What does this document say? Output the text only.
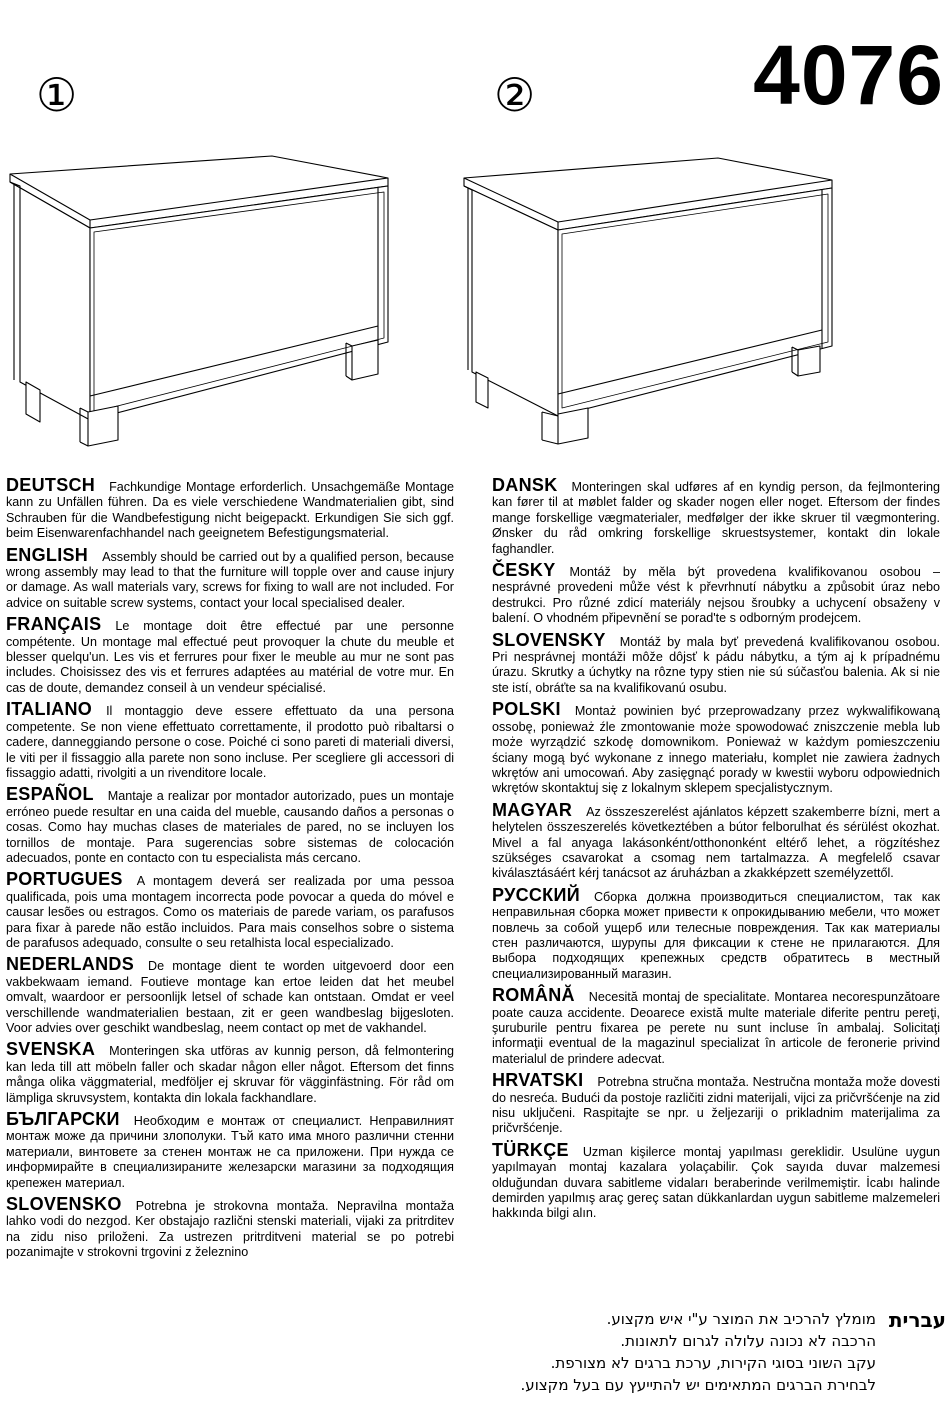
①	②	4076
DEUTSCH Fachkundige Montage erforderlich. Unsachgemäße Montage kann zu Unfällen führen. Da es viele verschiedene Wandmaterialien gibt, sind Schrauben für die Wandbefestigung nicht beigepackt. Erkundigen Sie sich ggf. beim Eisenwarenfachhandel nach geeignetem Befestigungsmaterial.
ENGLISH Assembly should be carried out by a qualified person, because wrong assembly may lead to that the furniture will topple over and cause injury or damage. As wall materials vary, screws for fixing to wall are not included. For advice on suitable screw systems, contact your local specialised dealer.
FRANÇAIS Le montage doit être effectué par une personne compétente. Un montage mal effectué peut provoquer la chute du meuble et blesser quelqu'un. Les vis et ferrures pour fixer le meuble au mur ne sont pas includes. Choisissez des vis et ferrures adaptées au matérial de votre mur. En cas de doute, demandez conseil à un vendeur spécialisé.
ITALIANO Il montaggio deve essere effettuato da una persona competente. Se non viene effettuato correttamente, il prodotto può ribaltarsi o cadere, danneggiando persone o cose. Poiché ci sono pareti di materiali diversi, le viti per il fissaggio alla parete non sono incluse. Per scegliere gli accessori di fissaggio adatti, rivolgiti a un rivenditore locale.
ESPAÑOL Mantaje a realizar por montador autorizado, pues un montaje erróneo puede resultar en una caida del mueble, causando daños a personas o cosas. Como hay muchas clases de materiales de pared, no se incluyen los tornillos de montaje. Para sugerencias sobre sistemas de colocación adecuados, ponte en contacto con tu especialista más cercano.
PORTUGUES A montagem deverá ser realizada por uma pessoa qualificada, pois uma montagem incorrecta pode povocar a queda do móvel e causar lesões ou estragos. Como os materiais de parede variam, os parafusos para fixar à parede não estão incluidos. Para mais conselhos sobre o sistema de parafusos adequado, consulte o seu retalhista local especializado.
NEDERLANDS De montage dient te worden uitgevoerd door een vakbekwaam iemand. Foutieve montage kan ertoe leiden dat het meubel omvalt, waardoor er persoonlijk letsel of schade kan ontstaan. Omdat er veel verschillende wandmaterialien bestaan, zit er geen wandbeslag bijgesloten. Voor advies over geschikt wandbeslag, neem contact op met de vakhandel.
SVENSKA Monteringen ska utföras av kunnig person, då felmontering kan leda till att möbeln faller och skadar någon eller något. Eftersom det finns många olika väggmaterial, medföljer ej skruvar för vägginfästning. För råd om lämpliga skruvsystem, kontakta din lokala fackhandlare.
БЪЛГАРСКИ Необходим е монтаж от специалист. Неправилният монтаж може да причини злополуки. Тъй като има много различни стенни материали, винтовете за стенен монтаж не са приложени. При нужда се информирайте в специализираните железарски магазини за подходящия крепежен материал.
SLOVENSKO Potrebna je strokovna montaža. Nepravilna montaža lahko vodi do nezgod. Ker obstajajo različni stenski materiali, vijaki za pritrditev na zidu niso priloženi. Za ustrezen pritrditveni material se po potrebi pozanimajte v strokovni trgovini z železnino
DANSK Monteringen skal udføres af en kyndig person, da fejlmontering kan fører til at møblet falder og skader nogen eller noget. Eftersom der findes mange forskellige vægmaterialer, medfølger der ikke skruer til vægmontering. Ønsker du råd omkring forskellige skruestsystemer, kontakt din lokale faghandler.
ČESKY Montáž by měla být provedena kvalifikovanou osobou – nesprávné provedeni může vést k převrhnutí nábytku a způsobit úraz nebo destrukci. Pro různé zdicí materiály nejsou šroubky a uchycení obsaženy v balení. O vhodném připevnění se porad'te s odborným prodejcem.
SLOVENSKY Montáž by mala byť prevedená kvalifikovanou osobou. Pri nesprávnej montáži môže dôjsť k pádu nábytku, a tým aj k prípadnému úrazu. Skrutky a úchytky na rôzne typy stien nie sú súčasťou balenia. Ak si nie ste istí, obráťte sa na kvalifikovanú osubu.
POLSKI Montaż powinien być przeprowadzany przez wykwalifikowaną ossobę, ponieważ źle zmontowanie może spowodować zniszczenie mebla lub może wyrządzić szkodę domownikom. Ponieważ w każdym pomieszczeniu ściany mogą być wykonane z innego materiału, komplet nie zawiera żadnych wkrętów ani umocowań. Aby zasięgnąć porady w kwestii wyboru odpowiednich wkrętów skontaktuj się z lokalnym sklepem specjalistycznym.
MAGYAR Az összeszerelést ajánlatos képzett szakemberre bízni, mert a helytelen összeszerelés következtében a bútor felborulhat és sérülést okozhat. Mivel a fal anyaga lakásonként/otthononként eltérő lehet, a rögzítéshez szükséges csavarokat a csomag nem tartalmazza. A megfelelő csavar kiválasztásáért kérj tanácsot az áruházban a zkakképzett személyzettől.
РУССКИЙ Сборка должна производиться специалистом, так как неправильная сборка может привести к опрокидыванию мебели, что может повлечь за собой ущерб или телесные повреждения. Так как материалы стен различаются, шурупы для фиксации к стене не прилагаются. Для выбора подходящих крепежных средств обратитесь в местный специализированный магазин.
ROMÂNĂ Necesită montaj de specialitate. Montarea necorespunzătoare poate cauza accidente. Deoarece există multe materiale diferite pentru pereţi, şuruburile pentru fixarea pe perete nu sunt incluse în ambalaj. Solicitaţi informaţii eventual de la magazinul specializat în articole de feronerie privind materialul de prindere adecvat.
HRVATSKI Potrebna stručna montaža. Nestručna montaža može dovesti do nesreća. Budući da postoje različiti zidni materijali, vijci za pričvršćenje na zid nisu uključeni. Raspitajte se npr. u željezariji o prikladnim materijalima za pričvršćenje.
TÜRKÇE Uzman kişilerce montaj yapılması gereklidir. Usulüne uygun yapılmayan montaj kazalara yolaçabilir. Çok sayıda duvar malzemesi olduğundan duvara sabitleme vidaları beraberinde verilmemiştir. İcabı halinde demirden yapılmış araç gereç satan dükkanlardan uygun sabitleme malzemeleri hakkında bilgi alın.
עברית
מומלץ להרכיב את המוצר ע"י איש מקצוע.
הרכבה לא נכונה עלולה לגרום לתאונות.
עקב השוני בסוגי הקירות, ערכת ברגים לא מצורפת.
לבחירת הברגים המתאימים יש להתייעץ עם בעל מקצוע.
